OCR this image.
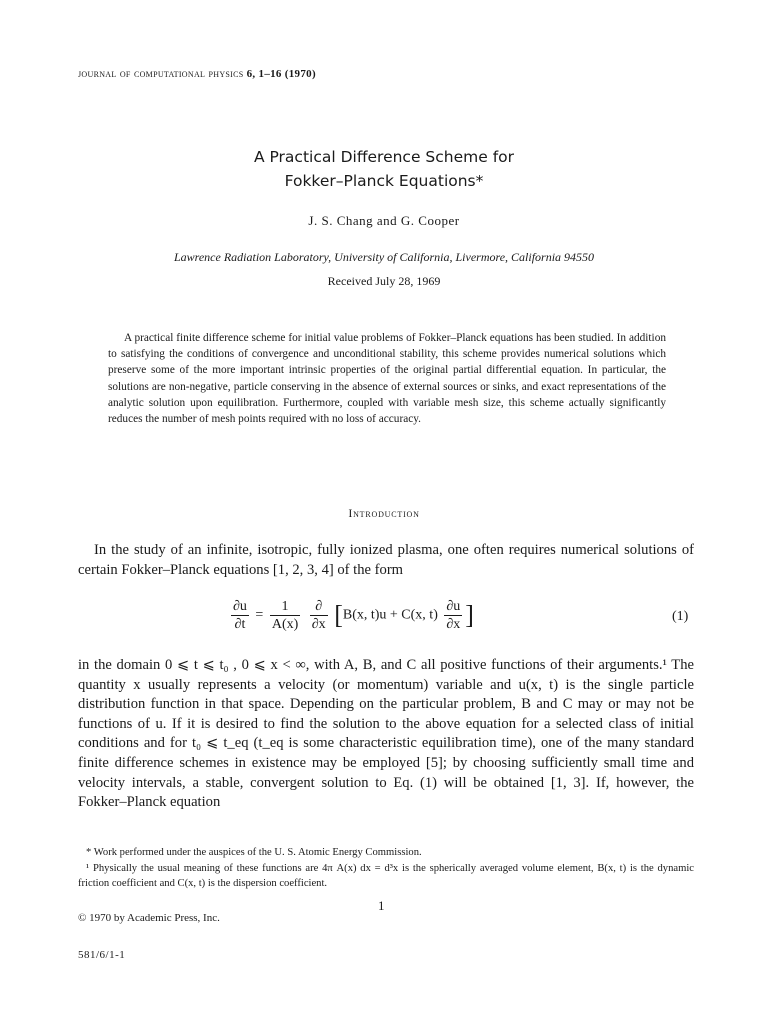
journal of computational physics 6, 1–16 (1970)
A Practical Difference Scheme for
Fokker–Planck Equations*
J. S. Chang and G. Cooper
Lawrence Radiation Laboratory, University of California, Livermore, California 94550
Received July 28, 1969
A practical finite difference scheme for initial value problems of Fokker–Planck equations has been studied. In addition to satisfying the conditions of convergence and unconditional stability, this scheme provides numerical solutions which preserve some of the more important intrinsic properties of the original partial differential equation. In particular, the solutions are non-negative, particle conserving in the absence of external sources or sinks, and exact representations of the analytic solution upon equilibration. Furthermore, coupled with variable mesh size, this scheme actually significantly reduces the number of mesh points required with no loss of accuracy.
Introduction
In the study of an infinite, isotropic, fully ionized plasma, one often requires numerical solutions of certain Fokker–Planck equations [1, 2, 3, 4] of the form
$\frac{\partial u}{\partial t} = \frac{1}{A(x)}$
$\frac{\partial}{\partial x} [B(x$, t)u + C(x, $t) \frac{\partial u}{\partial x}$ ]	(1)
in the domain 0 ⩽ t ⩽ t₀ , 0 ⩽ x < ∞, with A, B, and C all positive functions of their arguments.¹ The quantity x usually represents a velocity (or momentum) variable and u(x, t) is the single particle distribution function in that space. Depending on the particular problem, B and C may or may not be functions of u. If it is desired to find the solution to the above equation for a selected class of initial conditions and for t₀ ⩽ t_eq (t_eq is some characteristic equilibration time), one of the many standard finite difference schemes in existence may be employed [5]; by choosing sufficiently small time and velocity intervals, a stable, convergent solution to Eq. (1) will be obtained [1, 3]. If, however, the Fokker–Planck equation
* Work performed under the auspices of the U. S. Atomic Energy Commission.
¹ Physically the usual meaning of these functions are 4π A(x) dx = d³x is the spherically averaged volume element, B(x, t) is the dynamic friction coefficient and C(x, t) is the dispersion coefficient.
1
© 1970 by Academic Press, Inc.
581/6/1-1
